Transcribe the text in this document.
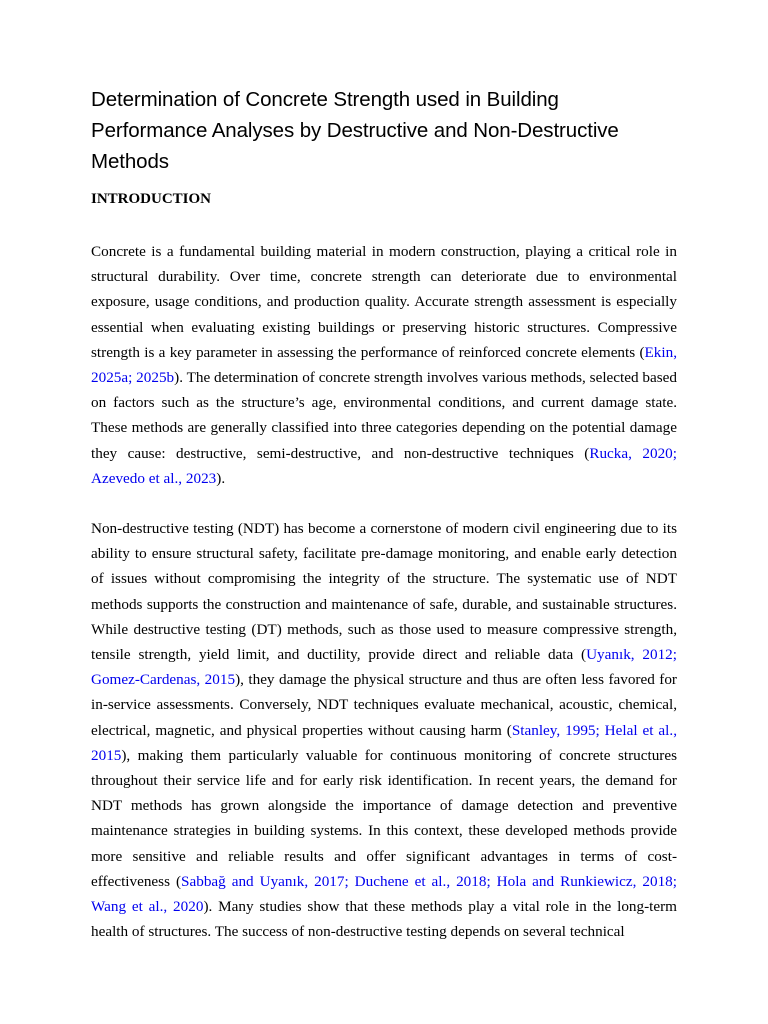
Determination of Concrete Strength used in Building Performance Analyses by Destructive and Non-Destructive Methods
INTRODUCTION

Concrete is a fundamental building material in modern construction, playing a critical role in structural durability. Over time, concrete strength can deteriorate due to environmental exposure, usage conditions, and production quality. Accurate strength assessment is especially essential when evaluating existing buildings or preserving historic structures. Compressive strength is a key parameter in assessing the performance of reinforced concrete elements (Ekin, 2025a; 2025b). The determination of concrete strength involves various methods, selected based on factors such as the structure’s age, environmental conditions, and current damage state. These methods are generally classified into three categories depending on the potential damage they cause: destructive, semi-destructive, and non-destructive techniques (Rucka, 2020; Azevedo et al., 2023).

Non-destructive testing (NDT) has become a cornerstone of modern civil engineering due to its ability to ensure structural safety, facilitate pre-damage monitoring, and enable early detection of issues without compromising the integrity of the structure. The systematic use of NDT methods supports the construction and maintenance of safe, durable, and sustainable structures. While destructive testing (DT) methods, such as those used to measure compressive strength, tensile strength, yield limit, and ductility, provide direct and reliable data (Uyanık, 2012; Gomez-Cardenas, 2015), they damage the physical structure and thus are often less favored for in-service assessments. Conversely, NDT techniques evaluate mechanical, acoustic, chemical, electrical, magnetic, and physical properties without causing harm (Stanley, 1995; Helal et al., 2015), making them particularly valuable for continuous monitoring of concrete structures throughout their service life and for early risk identification. In recent years, the demand for NDT methods has grown alongside the importance of damage detection and preventive maintenance strategies in building systems. In this context, these developed methods provide more sensitive and reliable results and offer significant advantages in terms of cost-effectiveness (Sabbağ and Uyanık, 2017; Duchene et al., 2018; Hola and Runkiewicz, 2018; Wang et al., 2020). Many studies show that these methods play a vital role in the long-term health of structures. The success of non-destructive testing depends on several technical
